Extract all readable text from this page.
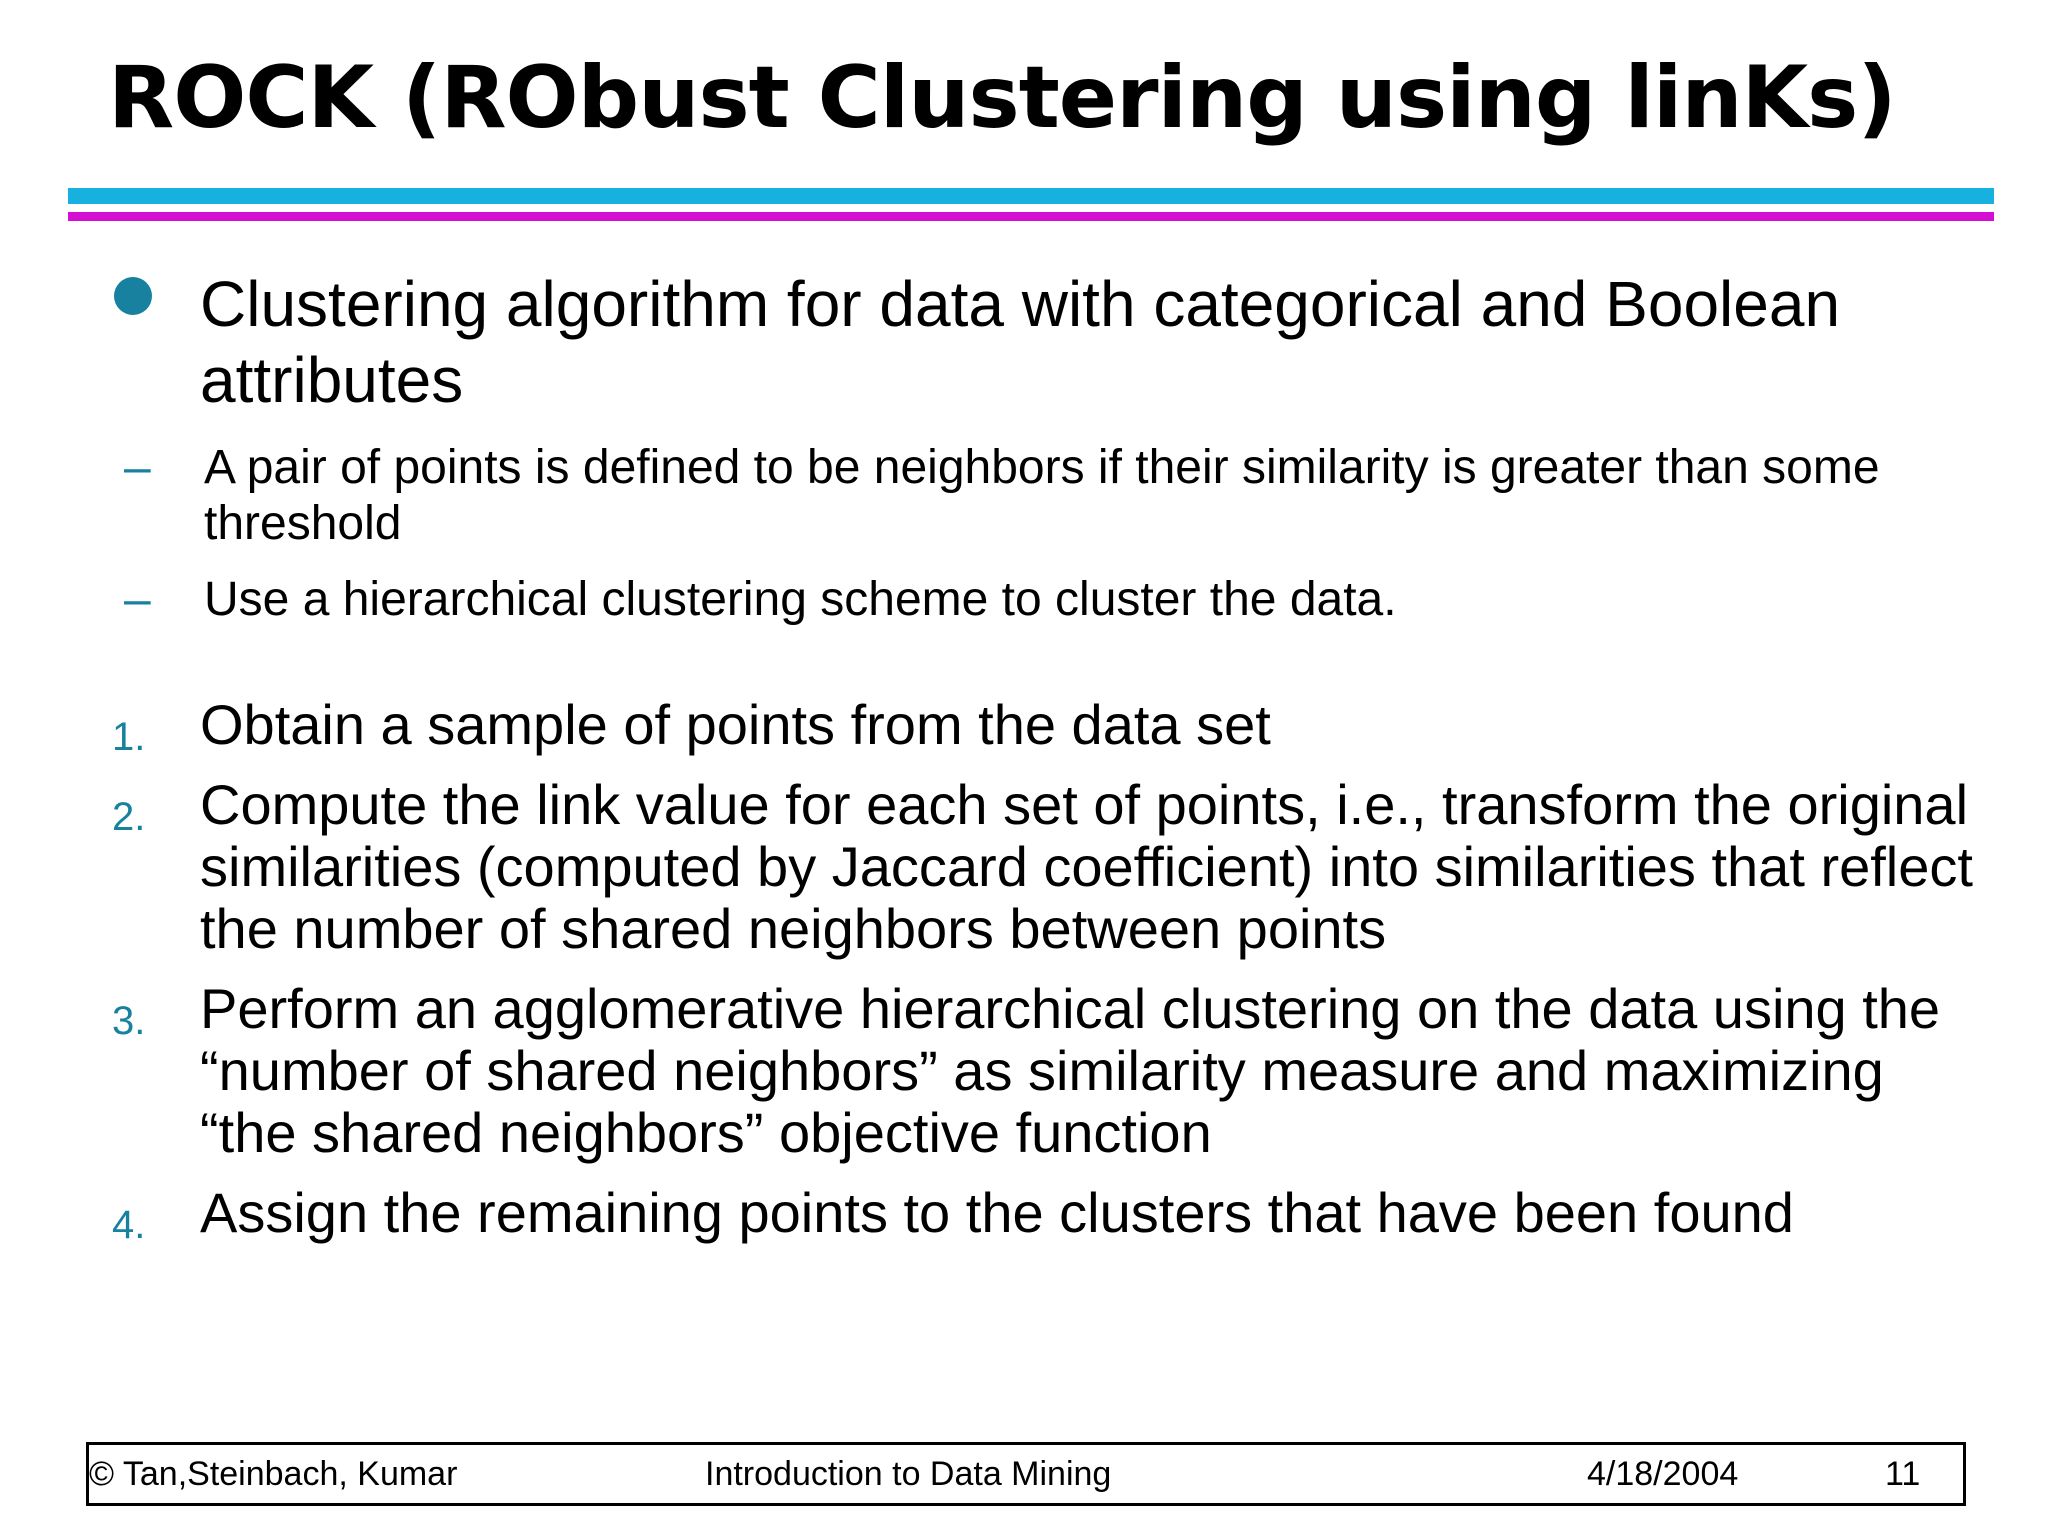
ROCK (RObust Clustering using linKs)
Clustering algorithm for data with categorical and Boolean attributes
– A pair of points is defined to be neighbors if their similarity is greater than some threshold
– Use a hierarchical clustering scheme to cluster the data.
1. Obtain a sample of points from the data set
2. Compute the link value for each set of points, i.e., transform the original similarities (computed by Jaccard coefficient) into similarities that reflect the number of shared neighbors between points
3. Perform an agglomerative hierarchical clustering on the data using the “number of shared neighbors” as similarity measure and maximizing “the shared neighbors” objective function
4. Assign the remaining points to the clusters that have been found
© Tan,Steinbach, Kumar	Introduction to Data Mining	4/18/2004	11
